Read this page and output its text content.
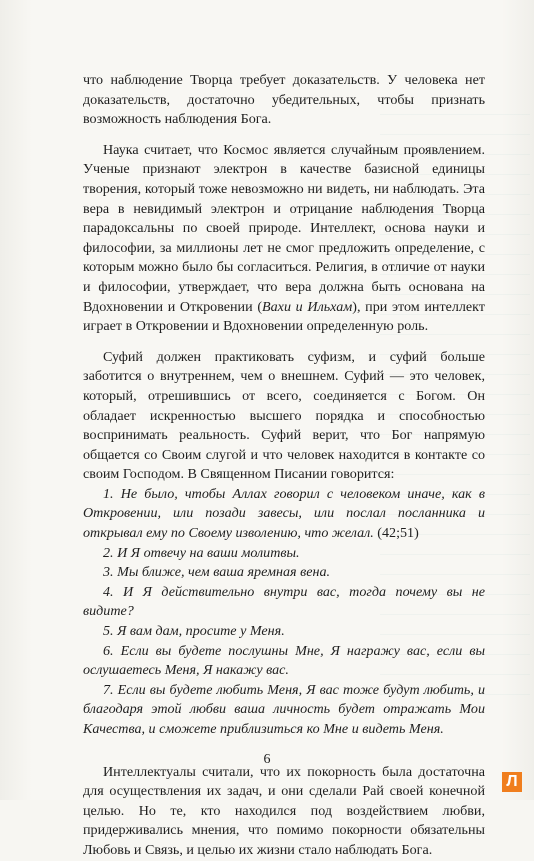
что наблюдение Творца требует доказательств. У человека нет доказательств, достаточно убедительных, чтобы признать возможность наблюдения Бога.

Наука считает, что Космос является случайным проявлением. Ученые признают электрон в качестве базисной единицы творения, который тоже невозможно ни видеть, ни наблюдать. Эта вера в невидимый электрон и отрицание наблюдения Творца парадоксальны по своей природе. Интеллект, основа науки и философии, за миллионы лет не смог предложить определение, с которым можно было бы согласиться. Религия, в отличие от науки и философии, утверждает, что вера должна быть основана на Вдохновении и Откровении (Вахи и Ильхам), при этом интеллект играет в Откровении и Вдохновении определенную роль.

Суфий должен практиковать суфизм, и суфий больше заботится о внутреннем, чем о внешнем. Суфий — это человек, который, отрешившись от всего, соединяется с Богом. Он обладает искренностью высшего порядка и способностью воспринимать реальность. Суфий верит, что Бог напрямую общается со Своим слугой и что человек находится в контакте со своим Господом. В Священном Писании говорится:

1. Не было, чтобы Аллах говорил с человеком иначе, как в Откровении, или позади завесы, или послал посланника и открывал ему по Своему изволению, что желал. (42;51)

2. И Я отвечу на ваши молитвы.

3. Мы ближе, чем ваша яремная вена.

4. И Я действительно внутри вас, тогда почему вы не видите?

5. Я вам дам, просите у Меня.

6. Если вы будете послушны Мне, Я награжу вас, если вы ослушаетесь Меня, Я накажу вас.

7. Если вы будете любить Меня, Я вас тоже будут любить, и благодаря этой любви ваша личность будет отражать Мои Качества, и сможете приблизиться ко Мне и видеть Меня.

Интеллектуалы считали, что их покорность была достаточна для осуществления их задач, и они сделали Рай своей конечной целью. Но те, кто находился под воздействием любви, придерживались мнения, что помимо покорности обязательны Любовь и Связь, и целью их жизни стало наблюдать Бога.

6
Л
